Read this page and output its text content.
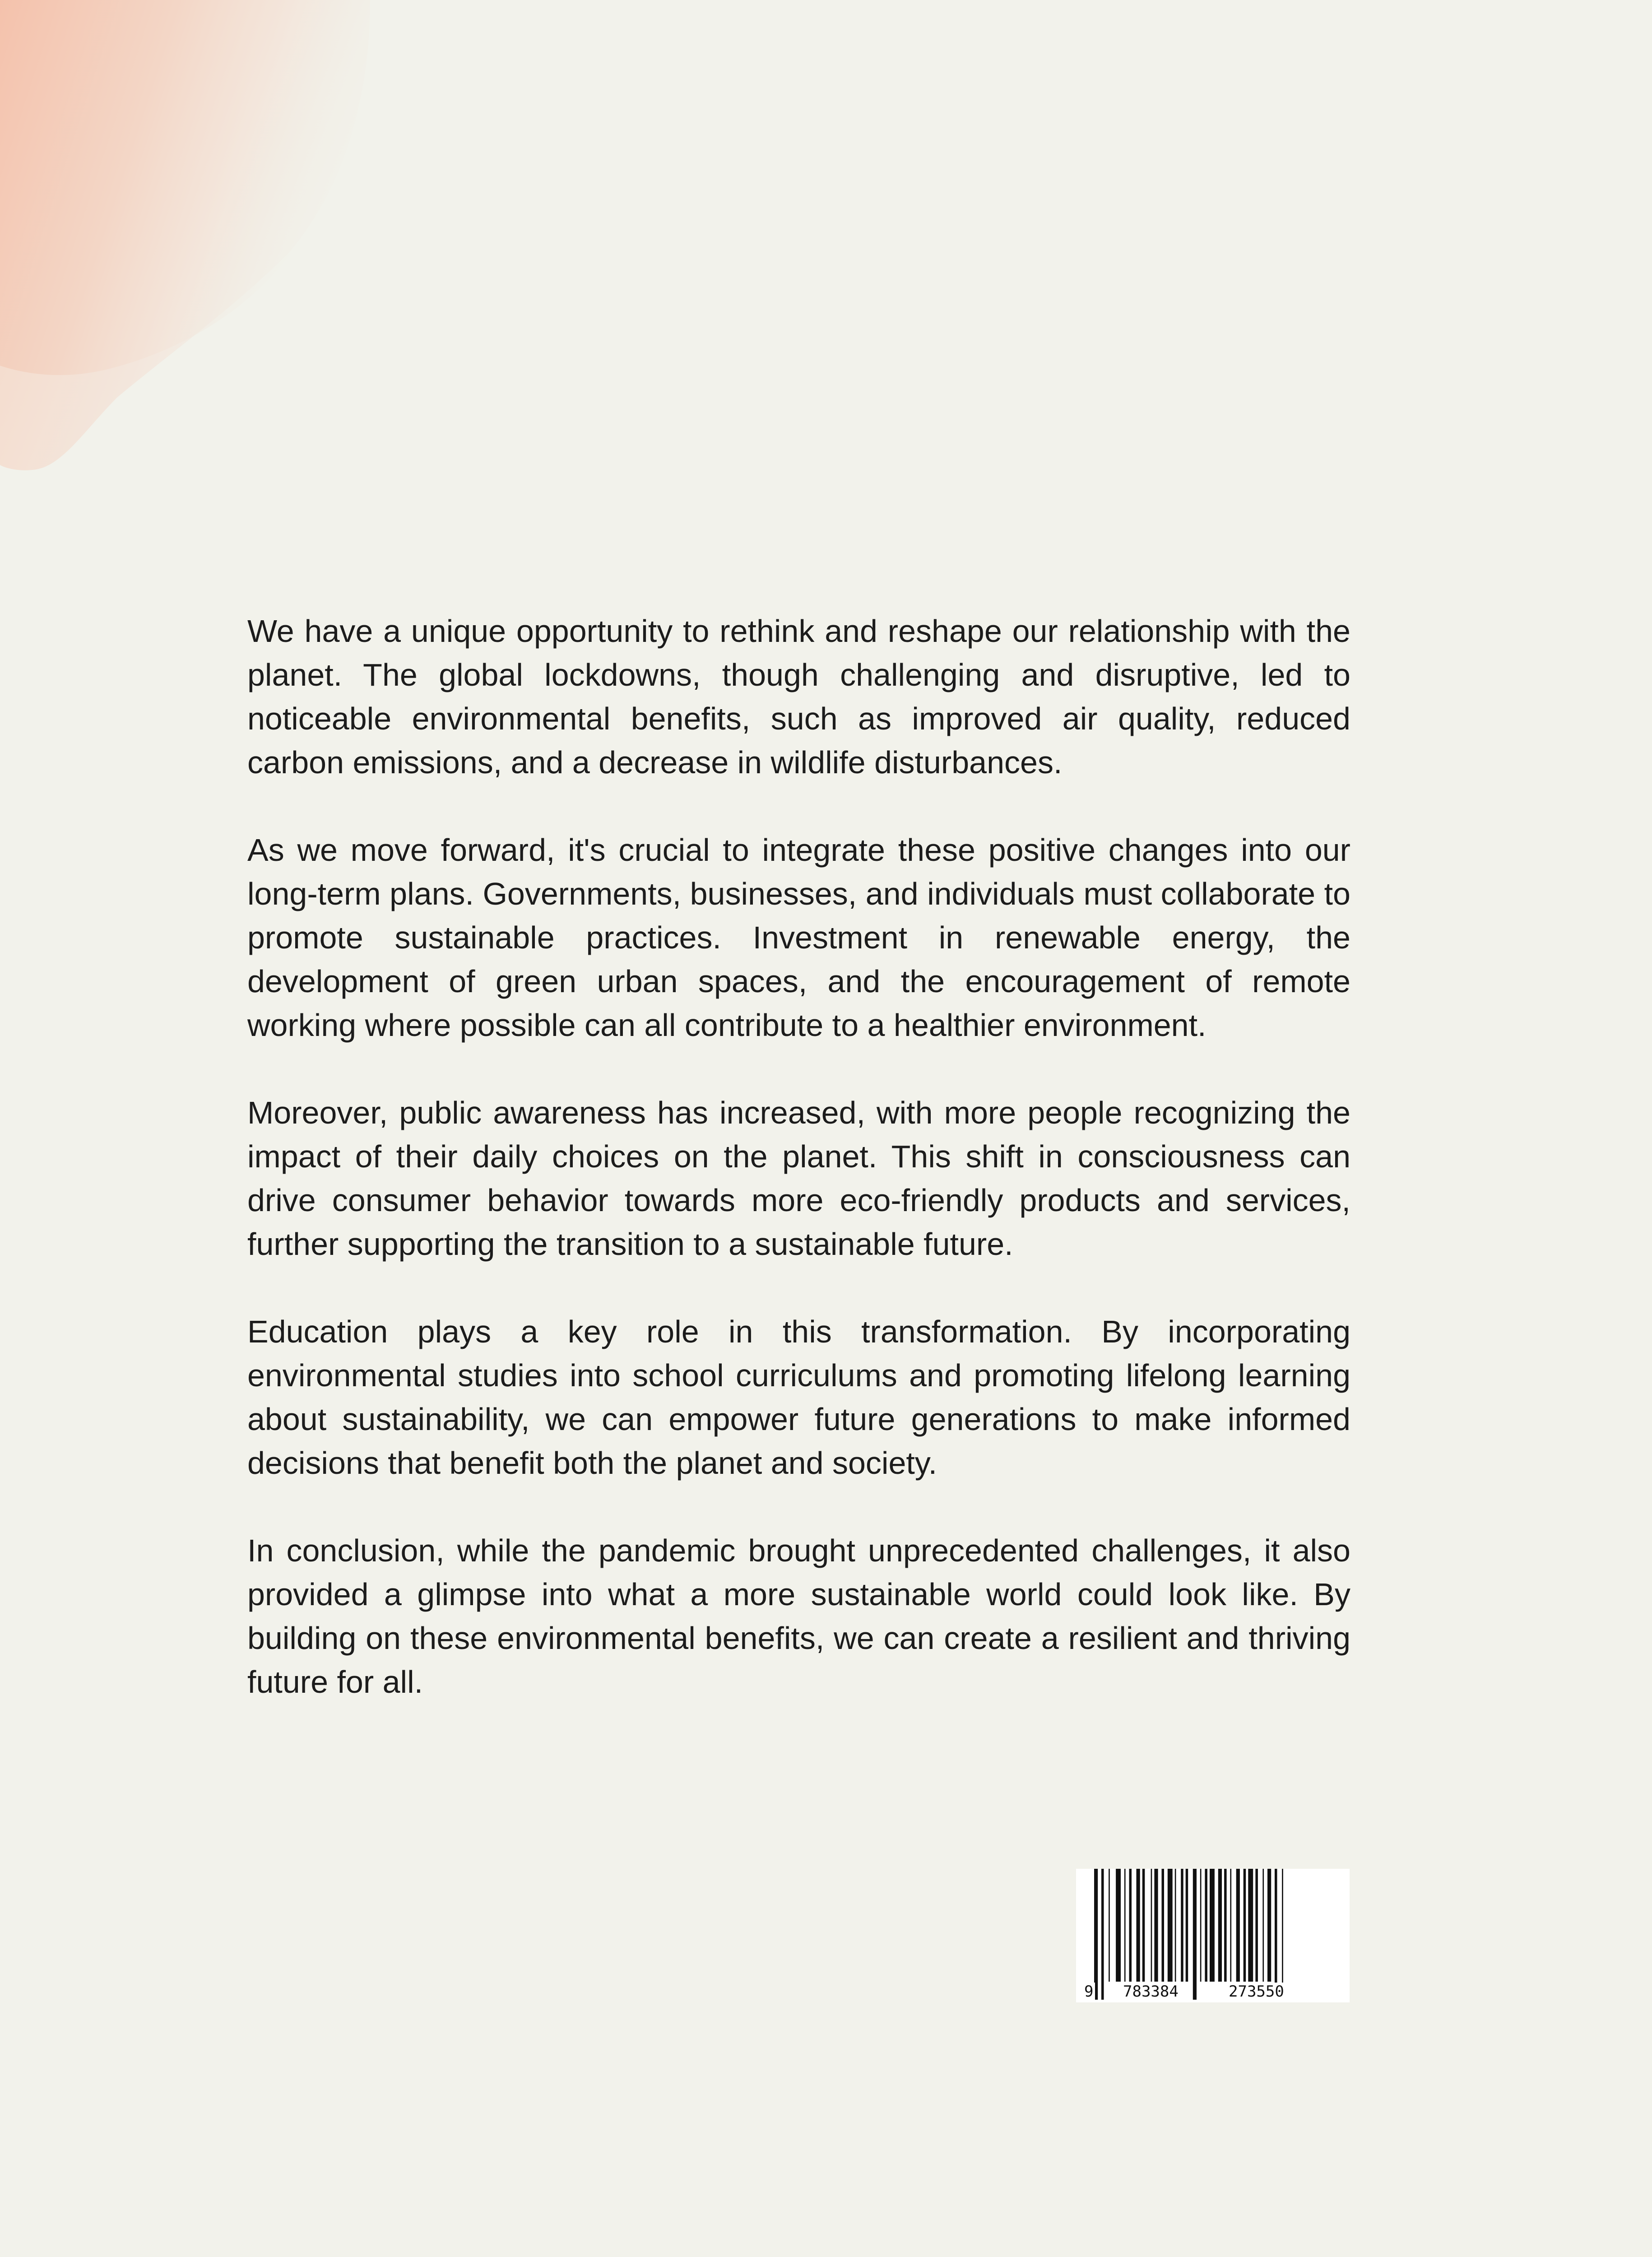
We have a unique opportunity to rethink and reshape our relationship with the planet. The global lockdowns, though challenging and disruptive, led to noticeable environmental benefits, such as improved air quality, reduced carbon emissions, and a decrease in wildlife disturbances.

As we move forward, it's crucial to integrate these positive changes into our long-term plans. Governments, businesses, and individuals must collaborate to promote sustainable practices. Investment in renewable energy, the development of green urban spaces, and the encouragement of remote working where possible can all contribute to a healthier environment.

Moreover, public awareness has increased, with more people recognizing the impact of their daily choices on the planet. This shift in consciousness can drive consumer behavior towards more eco-friendly products and services, further supporting the transition to a sustainable future.

Education plays a key role in this transformation. By incorporating environmental studies into school curriculums and promoting lifelong learning about sustainability, we can empower future generations to make informed decisions that benefit both the planet and society.

In conclusion, while the pandemic brought unprecedented challenges, it also provided a glimpse into what a more sustainable world could look like. By building on these environmental benefits, we can create a resilient and thriving future for all.

9 783384	273550
